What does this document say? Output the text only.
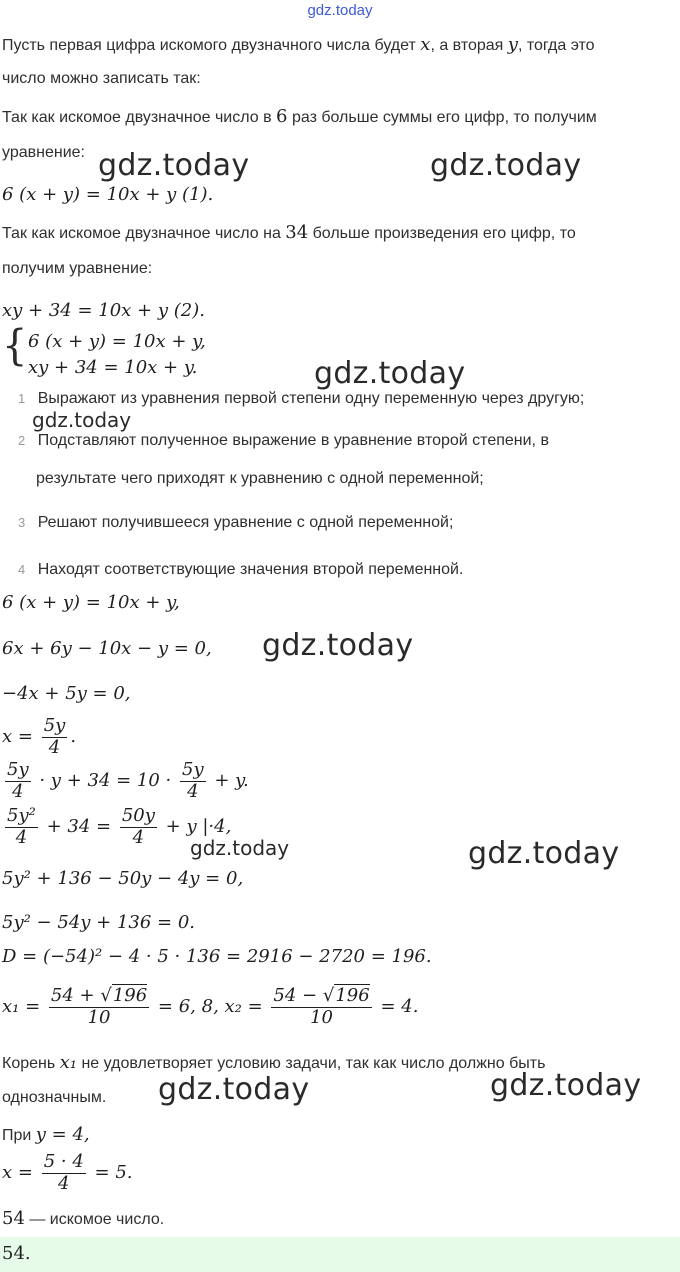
gdz.today
Пусть первая цифра искомого двузначного числа будет x, а вторая y, тогда это
число можно записать так:
Так как искомое двузначное число в 6 раз больше суммы его цифр, то получим
уравнение:
6 (x + y) = 10x + y (1).
Так как искомое двузначное число на 34 больше произведения его цифр, то
получим уравнение:
xy + 34 = 10x + y (2).
{ 6 (x + y) = 10x + y,
xy + 34 = 10x + y.
1 Выражают из уравнения первой степени одну переменную через другую;
2 Подставляют полученное выражение в уравнение второй степени, в
результате чего приходят к уравнению с одной переменной;
3 Решают получившееся уравнение с одной переменной;
4 Находят соответствующие значения второй переменной.
6 (x + y) = 10x + y,
6x + 6y − 10x − y = 0,
−4x + 5y = 0,
$x = \frac{5y}{4}$ .
$\frac{5y}{4} \cdot y + 34 = 10 \cdot \frac{5y}{4} + y$.
$\frac{\text{5y²}}{4} + 34 = \frac{50y}{4} + y$ |·4,
5y² + 136 − 50y − 4y = 0,
5y² − 54y + 136 = 0.
D = (−54)² − 4 · 5 · 136 = 2916 − 2720 = 196.
$x_1 = \frac{54 + √196}{10} = 6$, 8, $x_2 = \frac{54 - √196}{10} = 4$.
Корень x₁ не удовлетворяет условию задачи, так как число должно быть
однозначным.
При y = 4,
$x = \frac{5 \cdot 4}{4} = 5$.
54 — искомое число.
54.
gdz.today	gdz.today
gdz.today
gdz.today
gdz.today
gdz.today	gdz.today
gdz.today	gdz.today
